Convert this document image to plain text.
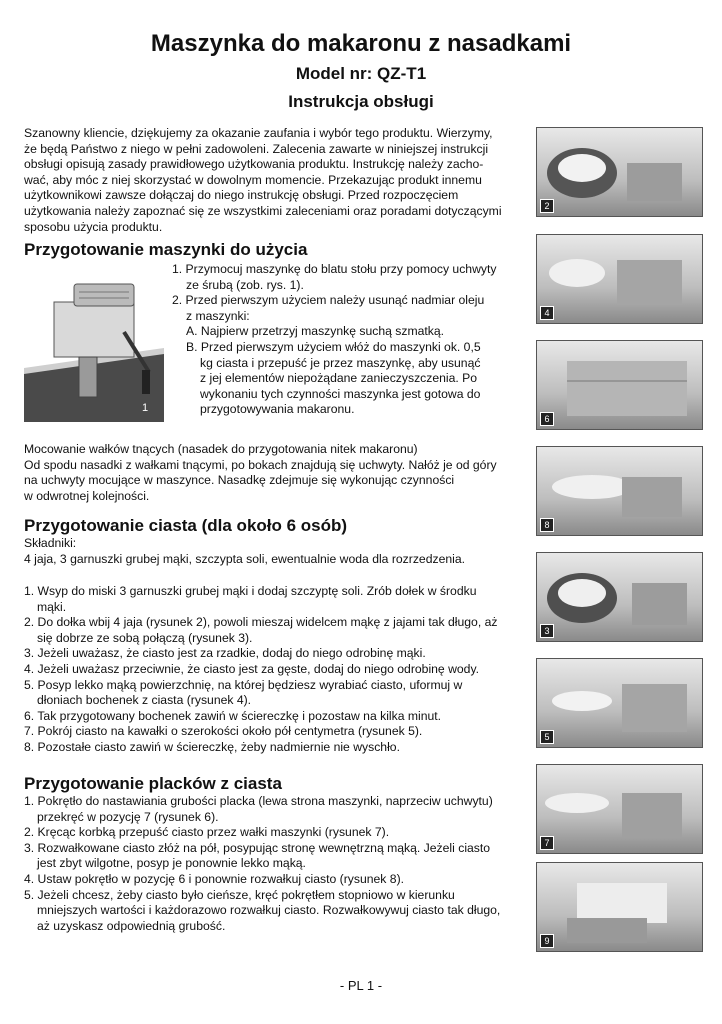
Maszynka do makaronu z nasadkami
Model nr: QZ-T1
Instrukcja obsługi
Szanowny kliencie, dziękujemy za okazanie zaufania i wybór tego produktu. Wierzymy,
że będą Państwo z niego w pełni zadowoleni. Zalecenia zawarte w niniejszej instrukcji
obsługi opisują zasady prawidłowego użytkowania produktu. Instrukcję należy zacho-
wać, aby móc z niej skorzystać w dowolnym momencie. Przekazując produkt innemu
użytkownikowi zawsze dołączaj do niego instrukcję obsługi. Przed rozpoczęciem
użytkowania należy zapoznać się ze wszystkimi zaleceniami oraz poradami dotyczącymi
sposobu użycia produktu.
Przygotowanie maszynki do użycia
1
1. Przymocuj maszynkę do blatu stołu przy pomocy uchwyty
ze śrubą (zob. rys. 1).
2. Przed pierwszym użyciem należy usunąć nadmiar oleju
z maszynki:
A. Najpierw przetrzyj maszynkę suchą szmatką.
B. Przed pierwszym użyciem włóż do maszynki ok. 0,5
kg ciasta i przepuść je przez maszynkę, aby usunąć
z jej elementów niepożądane zanieczyszczenia. Po
wykonaniu tych czynności maszynka jest gotowa do
przygotowywania makaronu.
Mocowanie wałków tnących (nasadek do przygotowania nitek makaronu)
Od spodu nasadki z wałkami tnącymi, po bokach znajdują się uchwyty. Nałóż je od góry
na uchwyty mocujące w maszynce. Nasadkę zdejmuje się wykonując czynności
w odwrotnej kolejności.
Przygotowanie ciasta (dla około 6 osób)
Składniki:
4 jaja, 3 garnuszki grubej mąki, szczypta soli, ewentualnie woda dla rozrzedzenia.
1. Wsyp do miski 3 garnuszki grubej mąki i dodaj szczyptę soli. Zrób dołek w środku
mąki.
2. Do dołka wbij 4 jaja (rysunek 2), powoli mieszaj widelcem mąkę z jajami tak długo, aż
się dobrze ze sobą połączą (rysunek 3).
3. Jeżeli uważasz, że ciasto jest za rzadkie, dodaj do niego odrobinę mąki.
4. Jeżeli uważasz przeciwnie, że ciasto jest za gęste, dodaj do niego odrobinę wody.
5. Posyp lekko mąką powierzchnię, na której będziesz wyrabiać ciasto, uformuj w
dłoniach bochenek z ciasta (rysunek 4).
6. Tak przygotowany bochenek zawiń w ściereczkę i pozostaw na kilka minut.
7. Pokrój ciasto na kawałki o szerokości około pół centymetra (rysunek 5).
8. Pozostałe ciasto zawiń w ściereczkę, żeby nadmiernie nie wyschło.
Przygotowanie placków z ciasta
1. Pokrętło do nastawiania grubości placka (lewa strona maszynki, naprzeciw uchwytu)
przekręć w pozycję 7 (rysunek 6).
2. Kręcąc korbką przepuść ciasto przez wałki maszynki (rysunek 7).
3. Rozwałkowane ciasto złóż na pół, posypując stronę wewnętrzną mąką. Jeżeli ciasto
jest zbyt wilgotne, posyp je ponownie lekko mąką.
4. Ustaw pokrętło w pozycję 6 i ponownie rozwałkuj ciasto (rysunek 8).
5. Jeżeli chcesz, żeby ciasto było cieńsze, kręć pokrętłem stopniowo w kierunku
mniejszych wartości i każdorazowo rozwałkuj ciasto. Rozwałkowywuj ciasto tak długo,
aż uzyskasz odpowiednią grubość.
2
4
6
8
3
5
7
9
- PL 1 -
